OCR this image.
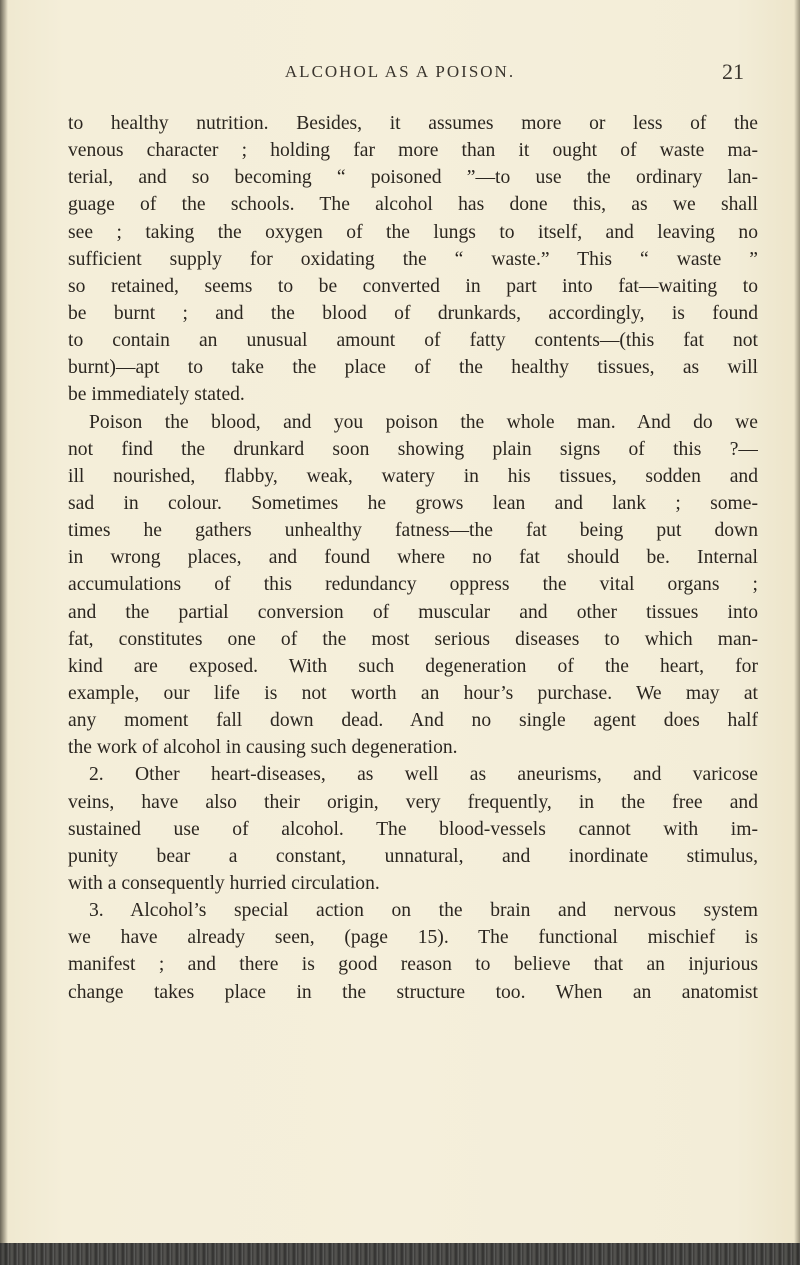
ALCOHOL AS A POISON.	21
to healthy nutrition. Besides, it assumes more or less of the
venous character ; holding far more than it ought of waste ma-
terial, and so becoming “ poisoned ”—to use the ordinary lan-
guage of the schools. The alcohol has done this, as we shall
see ; taking the oxygen of the lungs to itself, and leaving no
sufficient supply for oxidating the “ waste.” This “ waste ”
so retained, seems to be converted in part into fat—waiting to
be burnt ; and the blood of drunkards, accordingly, is found
to contain an unusual amount of fatty contents—(this fat not
burnt)—apt to take the place of the healthy tissues, as will
be immediately stated.
Poison the blood, and you poison the whole man. And do we
not find the drunkard soon showing plain signs of this ?—
ill nourished, flabby, weak, watery in his tissues, sodden and
sad in colour. Sometimes he grows lean and lank ; some-
times he gathers unhealthy fatness—the fat being put down
in wrong places, and found where no fat should be. Internal
accumulations of this redundancy oppress the vital organs ;
and the partial conversion of muscular and other tissues into
fat, constitutes one of the most serious diseases to which man-
kind are exposed. With such degeneration of the heart, for
example, our life is not worth an hour’s purchase. We may at
any moment fall down dead. And no single agent does half
the work of alcohol in causing such degeneration.
2. Other heart-diseases, as well as aneurisms, and varicose
veins, have also their origin, very frequently, in the free and
sustained use of alcohol. The blood-vessels cannot with im-
punity bear a constant, unnatural, and inordinate stimulus,
with a consequently hurried circulation.
3. Alcohol’s special action on the brain and nervous system
we have already seen, (page 15). The functional mischief is
manifest ; and there is good reason to believe that an injurious
change takes place in the structure too. When an anatomist
